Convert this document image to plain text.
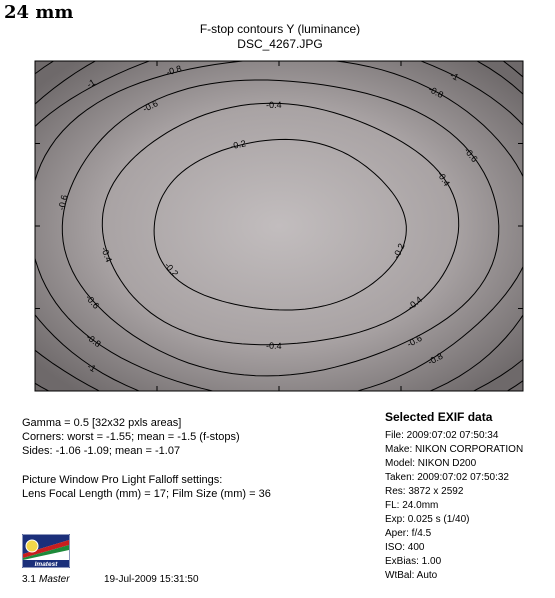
24 mm
F-stop contours Y (luminance)
DSC_4267.JPG
-0.2
-0.2
-0.2
-0.4
-0.4
-0.4
-0.4
-0.4
-0.6
-0.6
-0.6
-0.6
-0.6
-0.8
-0.8
-0.8
-0.8
-1
-1
-1
Gamma = 0.5 [32x32 pxls areas]
Corners: worst = -1.55; mean = -1.5 (f-stops)
Sides: -1.06 -1.09; mean = -1.07
Picture Window Pro Light Falloff settings:
Lens Focal Length (mm) = 17; Film Size (mm) = 36
Selected EXIF data
File: 2009:07:02 07:50:34
Make: NIKON CORPORATION
Model: NIKON D200
Taken: 2009:07:02 07:50:32
Res: 3872 x 2592
FL: 24.0mm
Exp: 0.025 s (1/40)
Aper: f/4.5
ISO: 400
ExBias: 1.00
WtBal: Auto
Imatest
3.1 Master	19-Jul-2009 15:31:50
